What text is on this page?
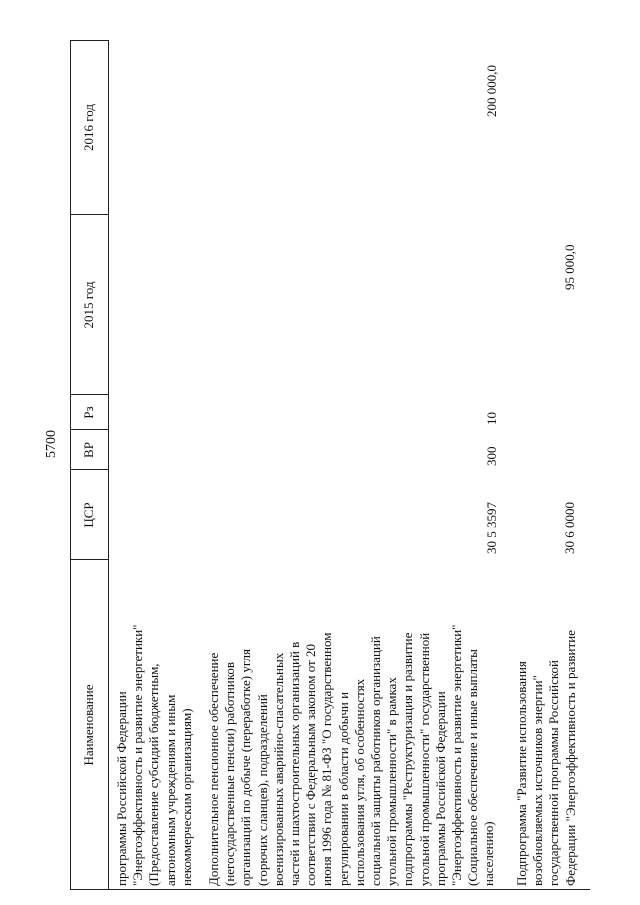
5700
Наименование
ЦСР
ВР
Рз
2015 год
2016 год
программы Российской Федерации "Энергоэффективность и развитие энергетики" (Предоставление субсидий бюджетным, автономным учреждениям и иным некоммерческим организациям) Дополнительное пенсионное обеспечение (негосударственные пенсии) работников организаций по добыче (переработке) угля (горючих сланцев), подразделений военизированных аварийно-спасательных частей и шахтостроительных организаций в соответствии с Федеральным законом от 20 июня 1996 года № 81-ФЗ "О государственном регулировании в области добычи и использования угля, об особенностях социальной защиты работников организаций угольной промышленности" в рамках подпрограммы "Реструктуризация и развитие угольной промышленности" государственной программы Российской Федерации "Энергоэффективность и развитие энергетики" (Социальное обеспечение и иные выплаты населению)
30 5 3597
300
10
200 000,0
Подпрограмма "Развитие использования возобновляемых источников энергии" государственной программы Российской Федерации "Энергоэффективность и развитие
30 6 0000
95 000,0
